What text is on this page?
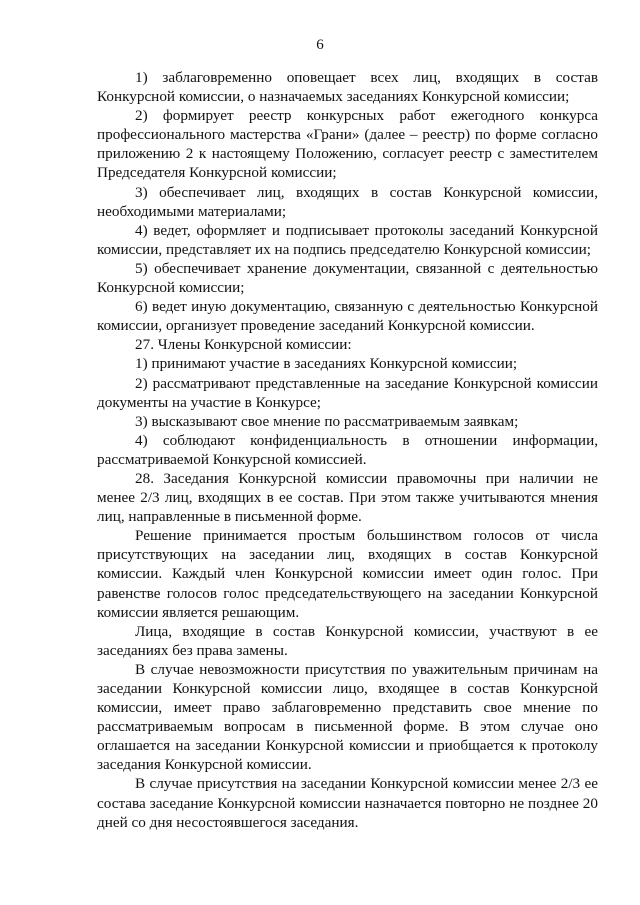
6

1) заблаговременно оповещает всех лиц, входящих в состав Конкурсной комиссии, о назначаемых заседаниях Конкурсной комиссии;

2) формирует реестр конкурсных работ ежегодного конкурса профессионального мастерства «Грани» (далее – реестр) по форме согласно приложению 2 к настоящему Положению, согласует реестр с заместителем Председателя Конкурсной комиссии;

3) обеспечивает лиц, входящих в состав Конкурсной комиссии, необходимыми материалами;

4) ведет, оформляет и подписывает протоколы заседаний Конкурсной комиссии, представляет их на подпись председателю Конкурсной комиссии;

5) обеспечивает хранение документации, связанной с деятельностью Конкурсной комиссии;

6) ведет иную документацию, связанную с деятельностью Конкурсной комиссии, организует проведение заседаний Конкурсной комиссии.

27. Члены Конкурсной комиссии:

1) принимают участие в заседаниях Конкурсной комиссии;

2) рассматривают представленные на заседание Конкурсной комиссии документы на участие в Конкурсе;

3) высказывают свое мнение по рассматриваемым заявкам;

4) соблюдают конфиденциальность в отношении информации, рассматриваемой Конкурсной комиссией.

28. Заседания Конкурсной комиссии правомочны при наличии не менее 2/3 лиц, входящих в ее состав. При этом также учитываются мнения лиц, направленные в письменной форме.

Решение принимается простым большинством голосов от числа присутствующих на заседании лиц, входящих в состав Конкурсной комиссии. Каждый член Конкурсной комиссии имеет один голос. При равенстве голосов голос председательствующего на заседании Конкурсной комиссии является решающим.

Лица, входящие в состав Конкурсной комиссии, участвуют в ее заседаниях без права замены.

В случае невозможности присутствия по уважительным причинам на заседании Конкурсной комиссии лицо, входящее в состав Конкурсной комиссии, имеет право заблаговременно представить свое мнение по рассматриваемым вопросам в письменной форме. В этом случае оно оглашается на заседании Конкурсной комиссии и приобщается к протоколу заседания Конкурсной комиссии.

В случае присутствия на заседании Конкурсной комиссии менее 2/3 ее состава заседание Конкурсной комиссии назначается повторно не позднее 20 дней со дня несостоявшегося заседания.
